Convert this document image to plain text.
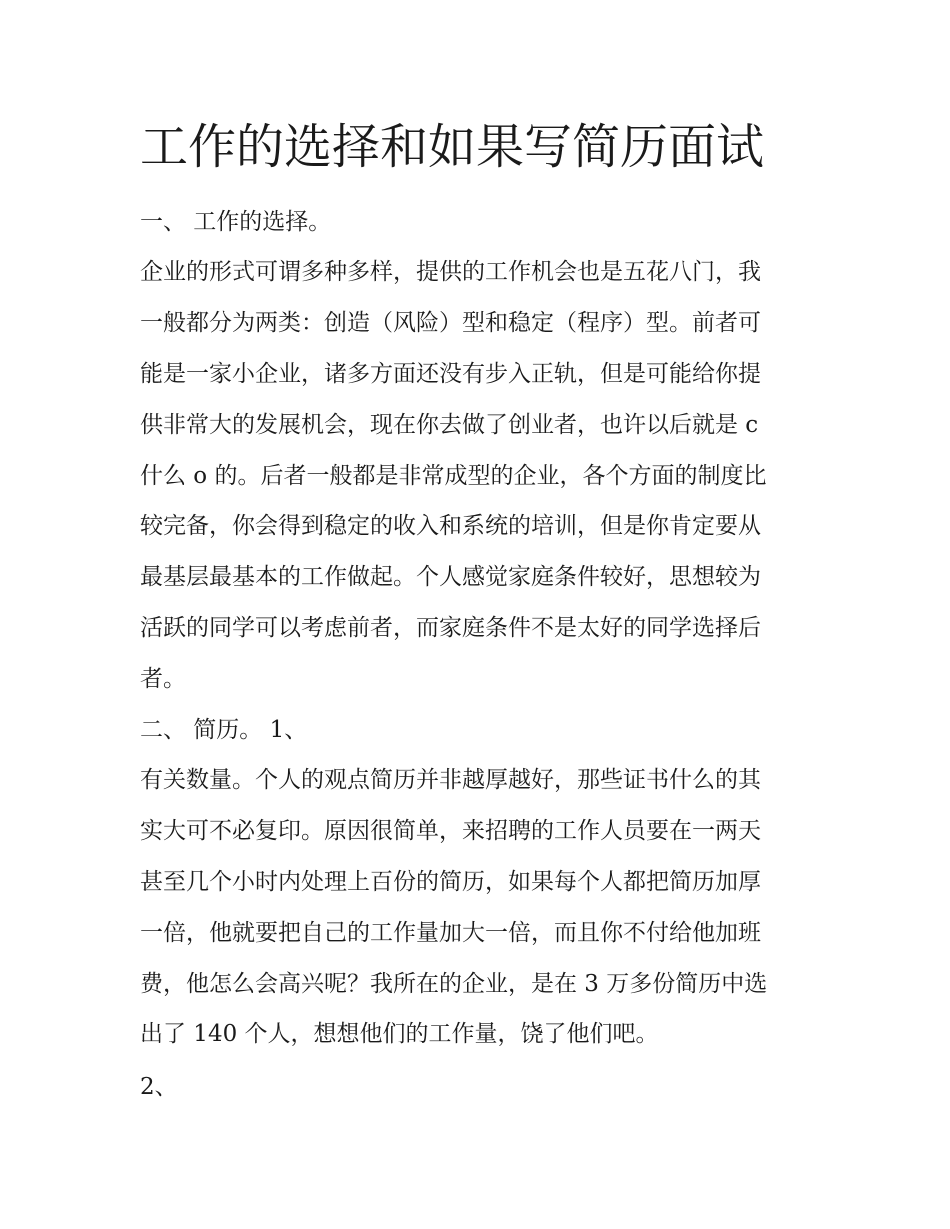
工作的选择和如果写简历面试

一、 工作的选择。

企业的形式可谓多种多样，提供的工作机会也是五花八门，我

一般都分为两类：创造（风险）型和稳定（程序）型。前者可

能是一家小企业，诸多方面还没有步入正轨，但是可能给你提

供非常大的发展机会，现在你去做了创业者，也许以后就是 c

什么 o 的。后者一般都是非常成型的企业，各个方面的制度比

较完备，你会得到稳定的收入和系统的培训，但是你肯定要从

最基层最基本的工作做起。个人感觉家庭条件较好，思想较为

活跃的同学可以考虑前者，而家庭条件不是太好的同学选择后

者。

二、 简历。 1、

有关数量。个人的观点简历并非越厚越好，那些证书什么的其

实大可不必复印。原因很简单，来招聘的工作人员要在一两天

甚至几个小时内处理上百份的简历，如果每个人都把简历加厚

一倍，他就要把自己的工作量加大一倍，而且你不付给他加班

费，他怎么会高兴呢？我所在的企业，是在 3 万多份简历中选

出了 140 个人，想想他们的工作量，饶了他们吧。

2、
